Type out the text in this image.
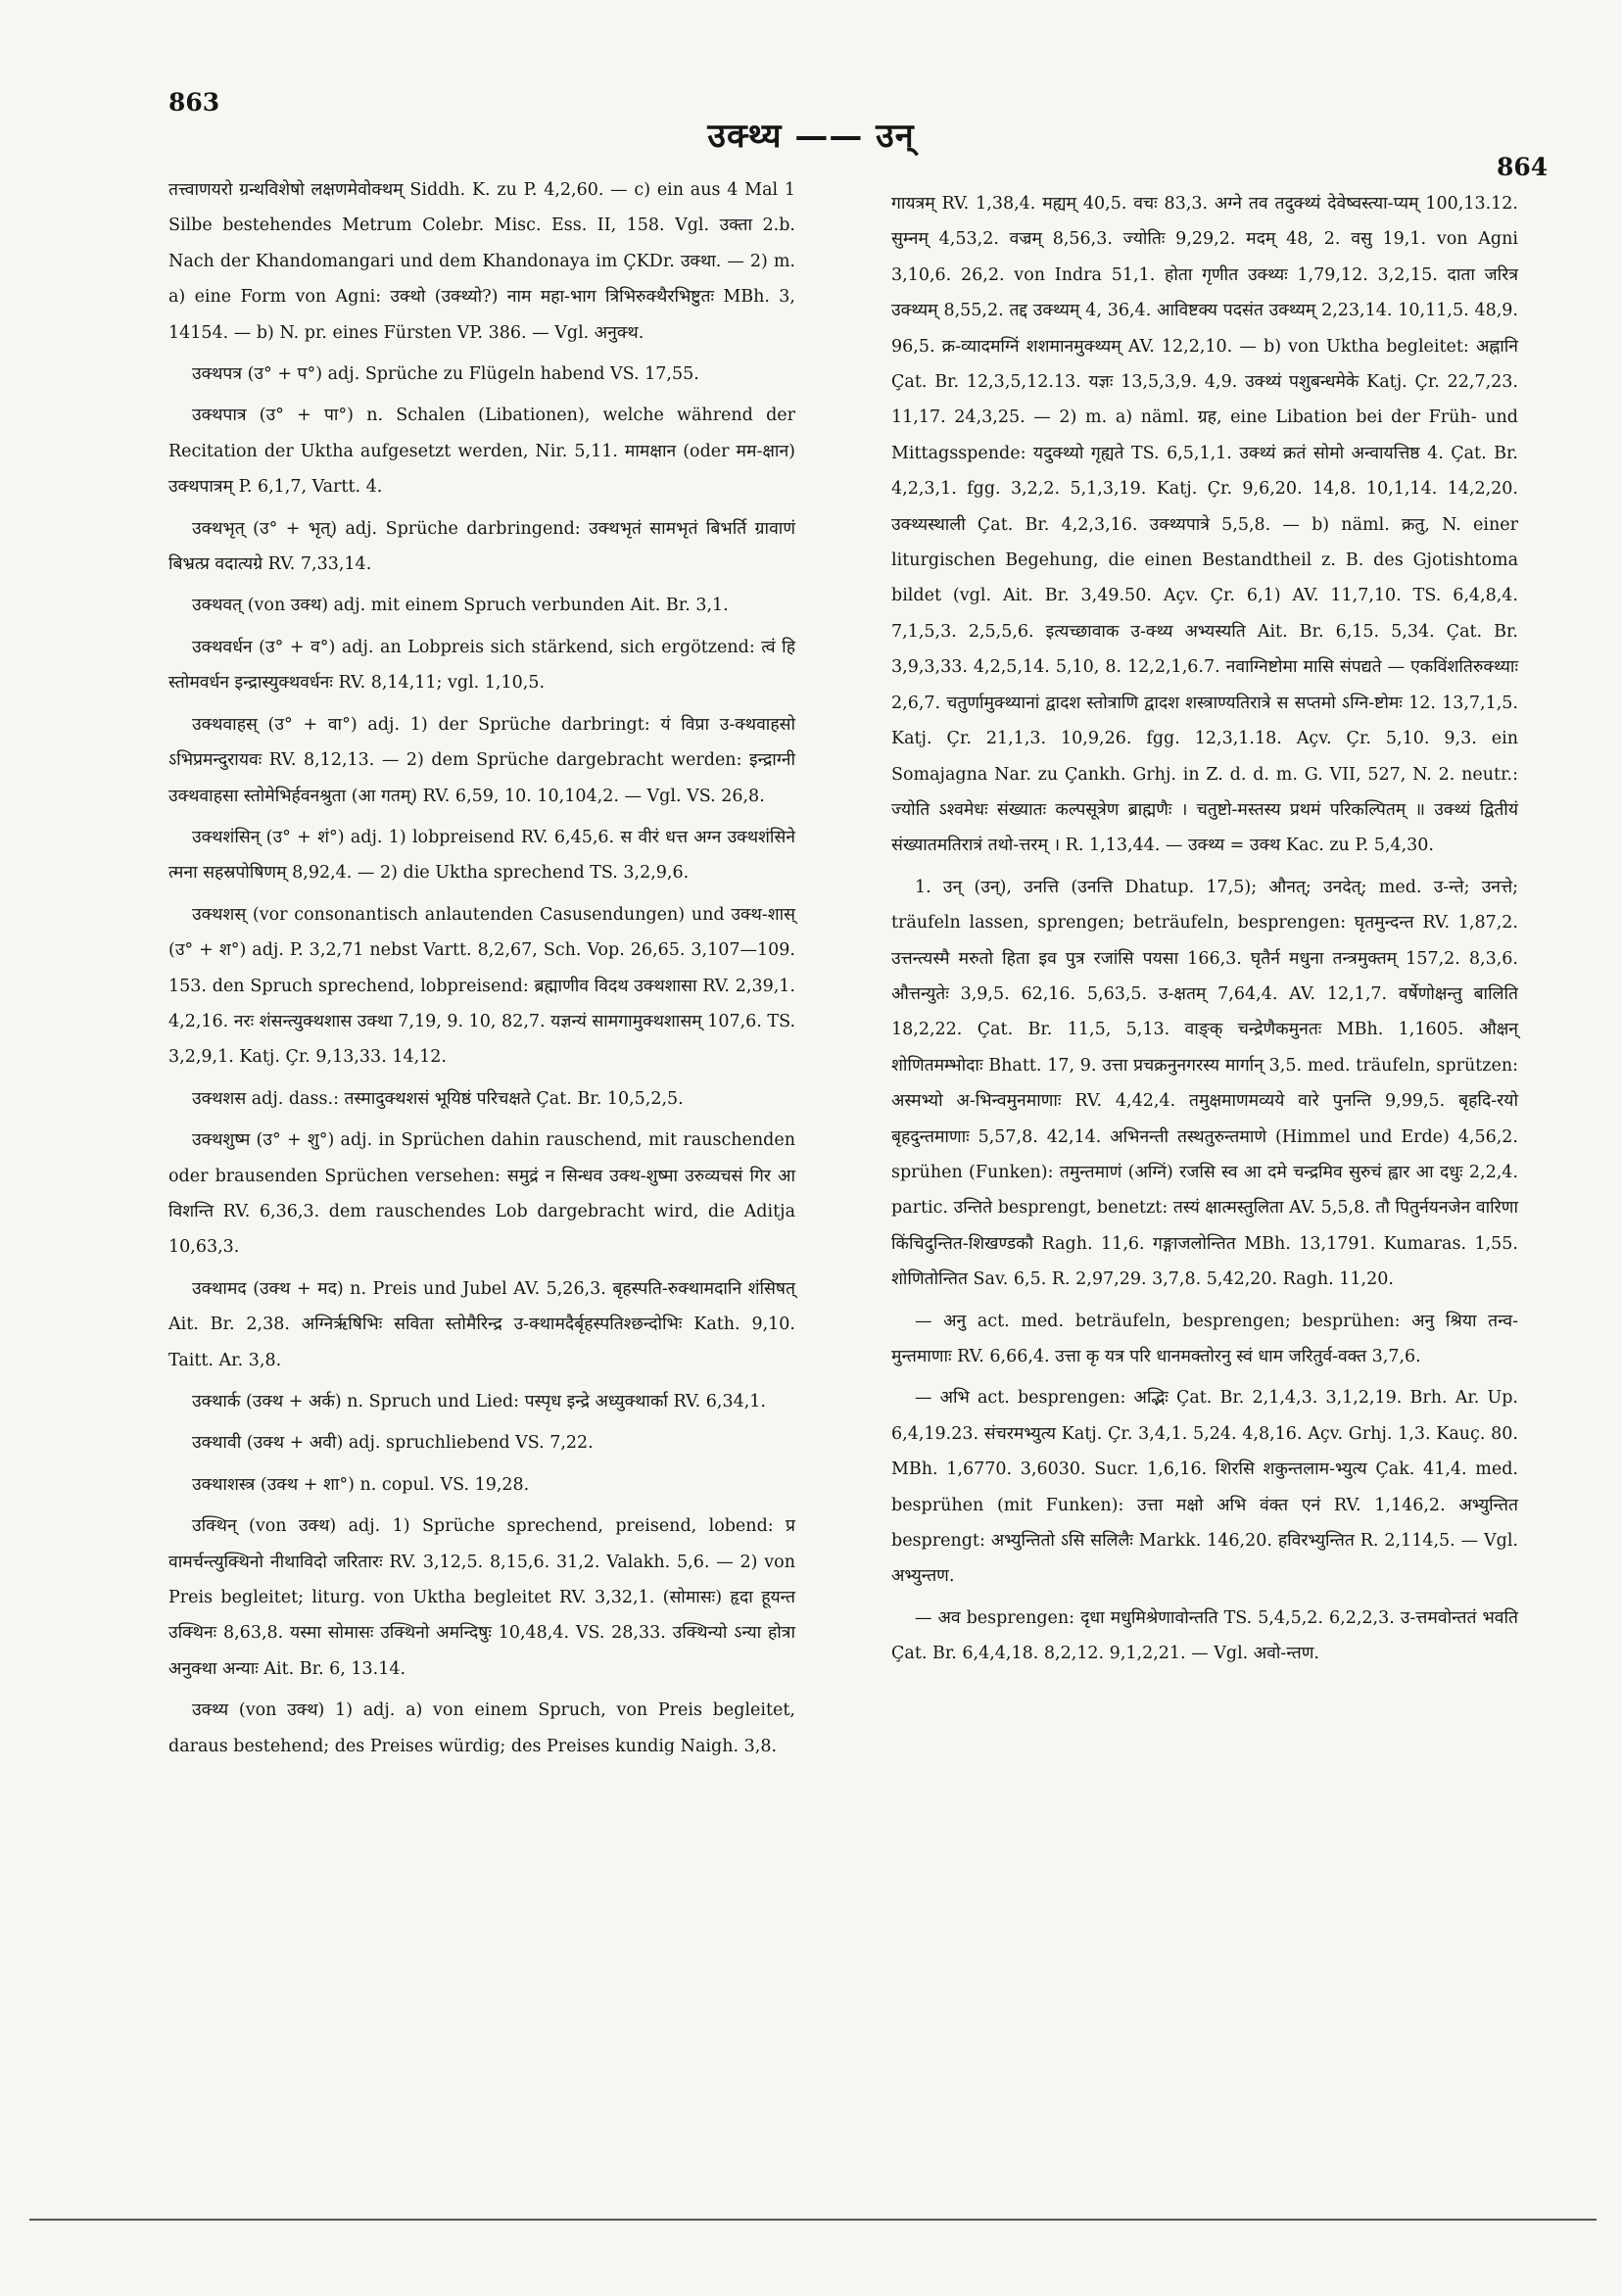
863
उक्थ्य —— उन्
864

तत्त्वाणयरो ग्रन्थविशेषो लक्षणमेवोक्थम् Siddh. K. zu P. 4,2,60. — c) ein aus 4 Mal 1 Silbe bestehendes Metrum Colebr. Misc. Ess. II, 158. Vgl. उक्ता 2.b. Nach der Khandomangari und dem Khandonaya im ÇKDr. उक्था. — 2) m. a) eine Form von Agni: उक्थो (उक्थ्यो?) नाम महा-भाग त्रिभिरुक्थैरभिष्टुतः MBh. 3, 14154. — b) N. pr. eines Fürsten VP. 386. — Vgl. अनुक्थ.

उक्थपत्र (उ° + प°) adj. Sprüche zu Flügeln habend VS. 17,55.

उक्थपात्र (उ° + पा°) n. Schalen (Libationen), welche während der Recitation der Uktha aufgesetzt werden, Nir. 5,11. मामक्षान (oder मम-क्षान) उक्थपात्रम् P. 6,1,7, Vartt. 4.

उक्थभृत् (उ° + भृत्) adj. Sprüche darbringend: उक्थभृतं सामभृतं बिभर्ति ग्रावाणं बिभ्रत्प्र वदात्यग्रे RV. 7,33,14.

उक्थवत् (von उक्थ) adj. mit einem Spruch verbunden Ait. Br. 3,1.

उक्थवर्धन (उ° + व°) adj. an Lobpreis sich stärkend, sich ergötzend: त्वं हि स्तोमवर्धन इन्द्रास्युक्थवर्धनः RV. 8,14,11; vgl. 1,10,5.

उक्थवाहस् (उ° + वा°) adj. 1) der Sprüche darbringt: यं विप्रा उ-क्थवाहसो ऽभिप्रमन्दुरायवः RV. 8,12,13. — 2) dem Sprüche dargebracht werden: इन्द्राग्नी उक्थवाहसा स्तोमेभिर्हवनश्रुता (आ गतम्) RV. 6,59, 10. 10,104,2. — Vgl. VS. 26,8.

उक्थशंसिन् (उ° + शं°) adj. 1) lobpreisend RV. 6,45,6. स वीरं धत्त अग्न उक्थशंसिने त्मना सहस्रपोषिणम् 8,92,4. — 2) die Uktha sprechend TS. 3,2,9,6.

उक्थशस् (vor consonantisch anlautenden Casusendungen) und उक्थ-शास् (उ° + श°) adj. P. 3,2,71 nebst Vartt. 8,2,67, Sch. Vop. 26,65. 3,107—109. 153. den Spruch sprechend, lobpreisend: ब्रह्माणीव विदथ उक्थशासा RV. 2,39,1. 4,2,16. नरः शंसन्त्युक्थशास उक्था 7,19, 9. 10, 82,7. यज्ञन्यं सामगामुक्थशासम् 107,6. TS. 3,2,9,1. Katj. Çr. 9,13,33. 14,12.

उक्थशस adj. dass.: तस्मादुक्थशसं भूयिष्ठं परिचक्षते Çat. Br. 10,5,2,5.

उक्थशुष्म (उ° + शु°) adj. in Sprüchen dahin rauschend, mit rauschenden oder brausenden Sprüchen versehen: समुद्रं न सिन्धव उक्थ-शुष्मा उरुव्यचसं गिर आ विशन्ति RV. 6,36,3. dem rauschendes Lob dargebracht wird, die Aditja 10,63,3.

उक्थामद (उक्थ + मद) n. Preis und Jubel AV. 5,26,3. बृहस्पति-रुक्थामदानि शंसिषत् Ait. Br. 2,38. अग्निर्ऋषिभिः सविता स्तोमैरिन्द्र उ-क्थामदैर्बृहस्पतिश्छन्दोभिः Kath. 9,10. Taitt. Ar. 3,8.

उक्थार्क (उक्थ + अर्क) n. Spruch und Lied: पस्पृध इन्द्रे अध्युक्थार्का RV. 6,34,1.

उक्थावी (उक्थ + अवी) adj. spruchliebend VS. 7,22.

उक्थाशस्त्र (उक्थ + शा°) n. copul. VS. 19,28.

उक्थिन् (von उक्थ) adj. 1) Sprüche sprechend, preisend, lobend: प्र वामर्चन्त्युक्थिनो नीथाविदो जरितारः RV. 3,12,5. 8,15,6. 31,2. Valakh. 5,6. — 2) von Preis begleitet; liturg. von Uktha begleitet RV. 3,32,1. (सोमासः) हृदा हूयन्त उक्थिनः 8,63,8. यस्मा सोमासः उक्थिनो अमन्दिषुः 10,48,4. VS. 28,33. उक्थिन्यो ऽन्या होत्रा अनुक्था अन्याः Ait. Br. 6, 13.14.

उक्थ्य (von उक्थ) 1) adj. a) von einem Spruch, von Preis begleitet, daraus bestehend; des Preises würdig; des Preises kundig Naigh. 3,8.

गायत्रम् RV. 1,38,4. मह्यम् 40,5. वचः 83,3. अग्ने तव तदुक्थ्यं देवेष्वस्त्या-प्यम् 100,13.12. सुम्नम् 4,53,2. वज्रम् 8,56,3. ज्योतिः 9,29,2. मदम् 48, 2. वसु 19,1. von Agni 3,10,6. 26,2. von Indra 51,1. होता गृणीत उक्थ्यः 1,79,12. 3,2,15. दाता जरित्र उक्थ्यम् 8,55,2. तद्द उक्थ्यम् 4, 36,4. आविष्टक्य पदसंत उक्थ्यम् 2,23,14. 10,11,5. 48,9. 96,5. क्र-व्यादमग्निं शशमानमुक्थ्यम् AV. 12,2,10. — b) von Uktha begleitet: अह्नानि Çat. Br. 12,3,5,12.13. यज्ञः 13,5,3,9. 4,9. उक्थ्यं पशुबन्धमेके Katj. Çr. 22,7,23. 11,17. 24,3,25. — 2) m. a) näml. ग्रह, eine Libation bei der Früh- und Mittagsspende: यदुक्थ्यो गृह्यते TS. 6,5,1,1. उक्थ्यं क्रतं सोमो अन्वायत्तिष्ठ 4. Çat. Br. 4,2,3,1. fgg. 3,2,2. 5,1,3,19. Katj. Çr. 9,6,20. 14,8. 10,1,14. 14,2,20. उक्थ्यस्थाली Çat. Br. 4,2,3,16. उक्थ्यपात्रे 5,5,8. — b) näml. क्रतु, N. einer liturgischen Begehung, die einen Bestandtheil z. B. des Gjotishtoma bildet (vgl. Ait. Br. 3,49.50. Açv. Çr. 6,1) AV. 11,7,10. TS. 6,4,8,4. 7,1,5,3. 2,5,5,6. इत्यच्छावाक उ-क्थ्य अभ्यस्यति Ait. Br. 6,15. 5,34. Çat. Br. 3,9,3,33. 4,2,5,14. 5,10, 8. 12,2,1,6.7. नवाग्निष्टोमा मासि संपद्यते — एकविंशतिरुक्थ्याः 2,6,7. चतुर्णामुक्थ्यानां द्वादश स्तोत्राणि द्वादश शस्त्राण्यतिरात्रे स सप्तमो ऽग्नि-ष्टोमः 12. 13,7,1,5. Katj. Çr. 21,1,3. 10,9,26. fgg. 12,3,1.18. Açv. Çr. 5,10. 9,3. ein Somajagna Nar. zu Çankh. Grhj. in Z. d. d. m. G. VII, 527, N. 2. neutr.: ज्योति ऽश्वमेधः संख्यातः कल्पसूत्रेण ब्राह्मणैः । चतुष्टो-मस्तस्य प्रथमं परिकल्पितम् ॥ उक्थ्यं द्वितीयं संख्यातमतिरात्रं तथो-त्तरम् । R. 1,13,44. — उक्थ्य = उक्थ Kac. zu P. 5,4,30.

1. उन् (उन्), उनत्ति (उनत्ति Dhatup. 17,5); औनत्; उनदेत्; med. उ-न्ते; उनत्ते; träufeln lassen, sprengen; beträufeln, besprengen: घृतमुन्दन्त RV. 1,87,2. उत्तन्त्यस्मै मरुतो हिता इव पुत्र रजांसि पयसा 166,3. घृतैर्न मधुना तन्त्रमुक्तम् 157,2. 8,3,6. औत्तन्युतेः 3,9,5. 62,16. 5,63,5. उ-क्षतम् 7,64,4. AV. 12,1,7. वर्षेणोक्षन्तु बालिति 18,2,22. Çat. Br. 11,5, 5,13. वाङ्क् चन्द्रेणैकमुनतः MBh. 1,1605. औक्षन् शोणितमम्भोदाः Bhatt. 17, 9. उत्ता प्रचक्रनुनगरस्य मार्गान् 3,5. med. träufeln, sprützen: अस्मभ्यो अ-भिन्वमुनमाणाः RV. 4,42,4. तमुक्षमाणमव्यये वारे पुनन्ति 9,99,5. बृहदि-रयो बृहदुन्तमाणाः 5,57,8. 42,14. अभिनन्ती तस्थतुरुन्तमाणे (Himmel und Erde) 4,56,2. sprühen (Funken): तमुन्तमाणं (अग्निं) रजसि स्व आ दमे चन्द्रमिव सुरुचं ह्वार आ दधुः 2,2,4. partic. उन्तिते besprengt, benetzt: तस्यं क्षात्मस्तुलिता AV. 5,5,8. तौ पितुर्नयनजेन वारिणा किंचिदुन्तित-शिखण्डकौ Ragh. 11,6. गङ्गाजलोन्तित MBh. 13,1791. Kumaras. 1,55. शोणितोन्तित Sav. 6,5. R. 2,97,29. 3,7,8. 5,42,20. Ragh. 11,20.

— अनु act. med. beträufeln, besprengen; besprühen: अनु श्रिया तन्व-मुन्तमाणाः RV. 6,66,4. उत्ता कृ यत्र परि धानमक्तोरनु स्वं धाम जरितुर्व-वक्त 3,7,6.

— अभि act. besprengen: अद्भिः Çat. Br. 2,1,4,3. 3,1,2,19. Brh. Ar. Up. 6,4,19.23. संचरमभ्युत्य Katj. Çr. 3,4,1. 5,24. 4,8,16. Açv. Grhj. 1,3. Kauç. 80. MBh. 1,6770. 3,6030. Sucr. 1,6,16. शिरसि शकुन्तलाम-भ्युत्य Çak. 41,4. med. besprühen (mit Funken): उत्ता मक्षो अभि वंक्त एनं RV. 1,146,2. अभ्युन्तित besprengt: अभ्युन्तितो ऽसि सलिलैः Markk. 146,20. हविरभ्युन्तित R. 2,114,5. — Vgl. अभ्युन्तण.

— अव besprengen: दृधा मधुमिश्रेणावोन्तति TS. 5,4,5,2. 6,2,2,3. उ-त्तमवोन्ततं भवति Çat. Br. 6,4,4,18. 8,2,12. 9,1,2,21. — Vgl. अवो-न्तण.
